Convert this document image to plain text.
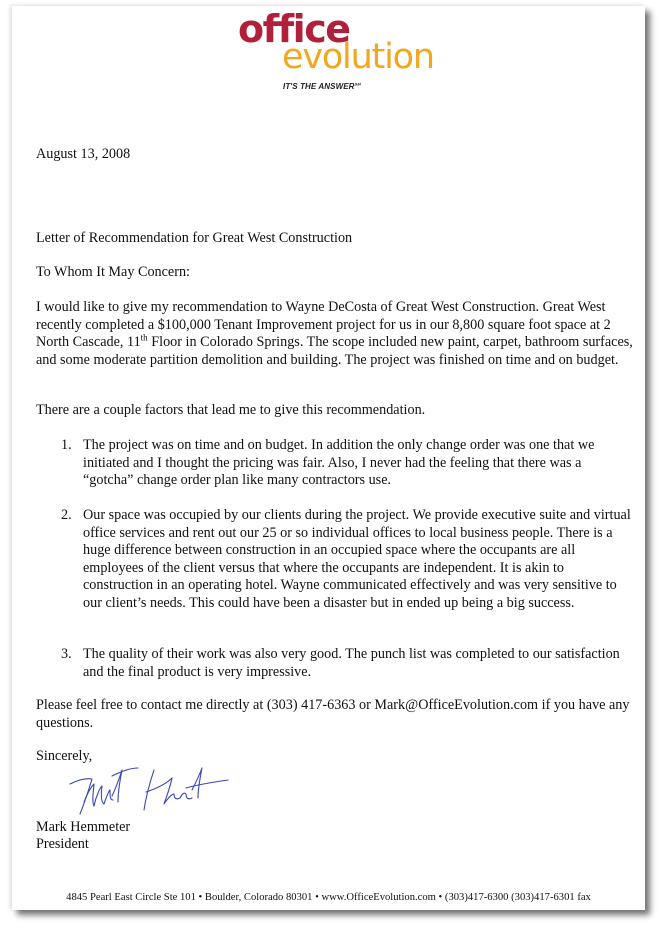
office
evolution
IT'S THE ANSWER℠
August 13, 2008
Letter of Recommendation for Great West Construction
To Whom It May Concern:
I would like to give my recommendation to Wayne DeCosta of Great West Construction. Great West recently completed a $100,000 Tenant Improvement project for us in our 8,800 square foot space at 2 North Cascade, 11th Floor in Colorado Springs. The scope included new paint, carpet, bathroom surfaces, and some moderate partition demolition and building. The project was finished on time and on budget.
There are a couple factors that lead me to give this recommendation.
1. The project was on time and on budget. In addition the only change order was one that we initiated and I thought the pricing was fair. Also, I never had the feeling that there was a “gotcha” change order plan like many contractors use.
2. Our space was occupied by our clients during the project. We provide executive suite and virtual office services and rent out our 25 or so individual offices to local business people. There is a huge difference between construction in an occupied space where the occupants are all employees of the client versus that where the occupants are independent. It is akin to construction in an operating hotel. Wayne communicated effectively and was very sensitive to our client’s needs. This could have been a disaster but in ended up being a big success.
3. The quality of their work was also very good. The punch list was completed to our satisfaction and the final product is very impressive.
Please feel free to contact me directly at (303) 417-6363 or Mark@OfficeEvolution.com if you have any questions.
Sincerely,
Mark Hemmeter
President
4845 Pearl East Circle Ste 101 • Boulder, Colorado 80301 • www.OfficeEvolution.com • (303)417-6300 (303)417-6301 fax
